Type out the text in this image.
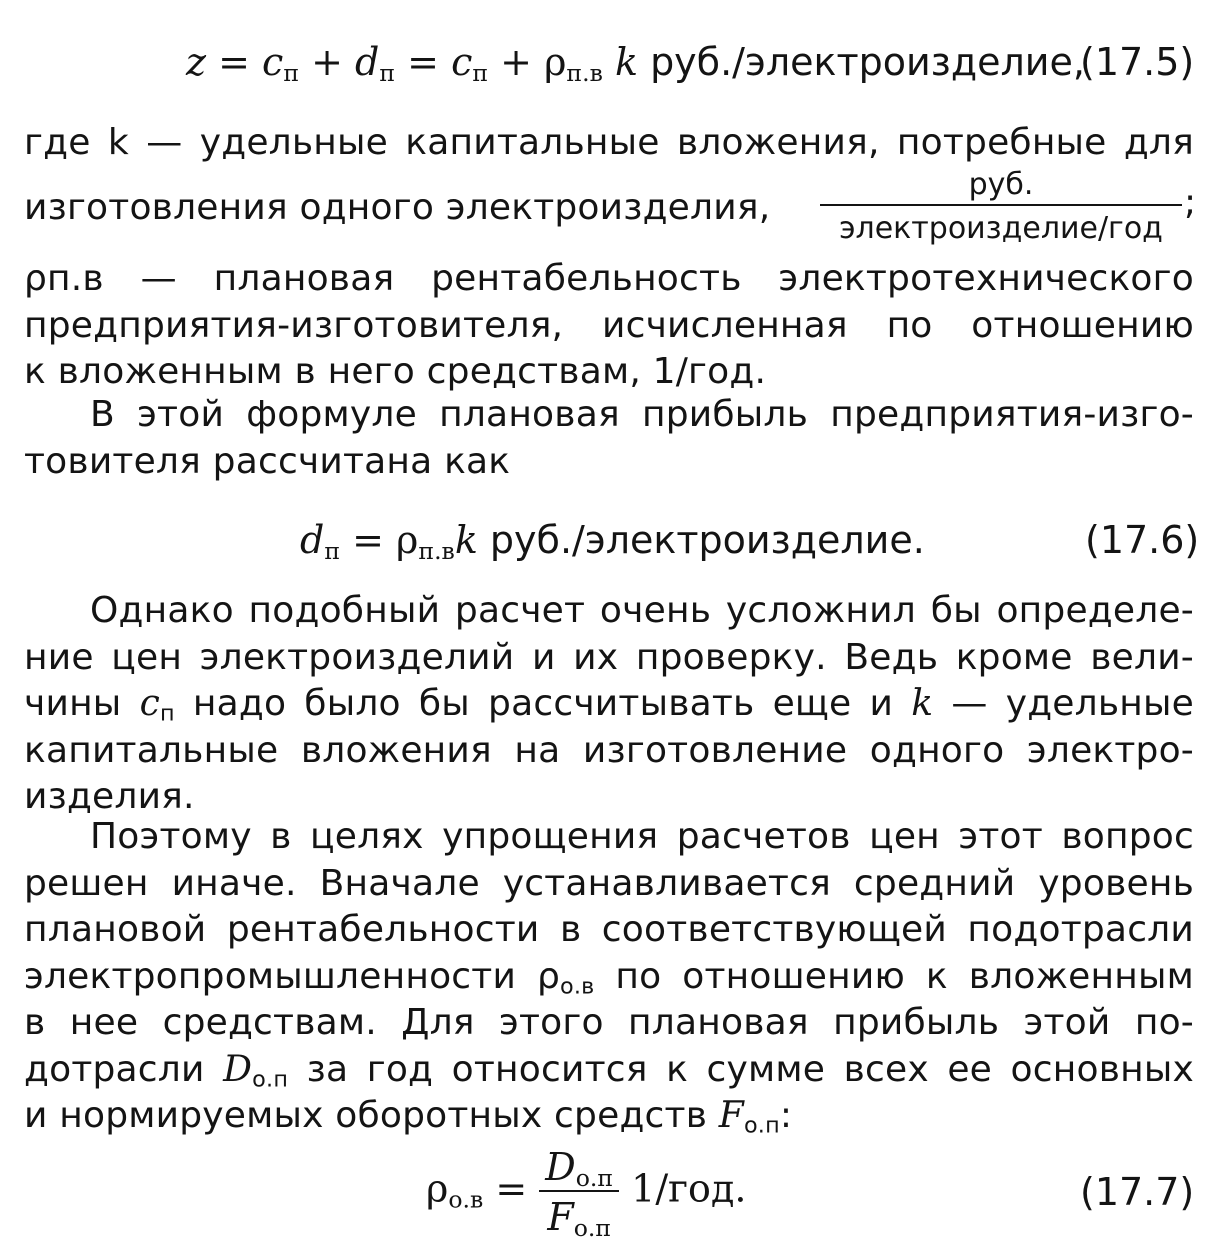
$z = c_п + d_п = c_п + \rho_{п.в}$ k руб./электроизделие,
(17.5)
где k — удельные капитальные вложения, потребные для
изготовления одного электроизделия,
руб.
электроизделие/год
;
ρп.в — плановая рентабельность электротехнического
предприятия-изготовителя, исчисленная по отношению
к вложенным в него средствам, 1/год.
В этой формуле плановая прибыль предприятия-изго-
товителя рассчитана как
$d_п = \rho_{п.в}k$ руб./электроизделие.	(17.6)
Однако подобный расчет очень усложнил бы определе-
ние цен электроизделий и их проверку. Ведь кроме вели-
чины $c_п$ надо было бы рассчитывать еще и k — удельные
капитальные вложения на изготовление одного электро-
изделия.
Поэтому в целях упрощения расчетов цен этот вопрос
решен иначе. Вначале устанавливается средний уровень
плановой рентабельности в соответствующей подотрасли
электропромышленности $\rho_{о.в}$ по отношению к вложенным
в нее средствам. Для этого плановая прибыль этой по-
дотрасли $D_{о.п}$ за год относится к сумме всех ее основных
и нормируемых оборотных средств $F_{о.п}$:
$\rho_{о.в} = \frac{D_{о.п}}{F_{о.п}} 1/год$.	(17.7)
